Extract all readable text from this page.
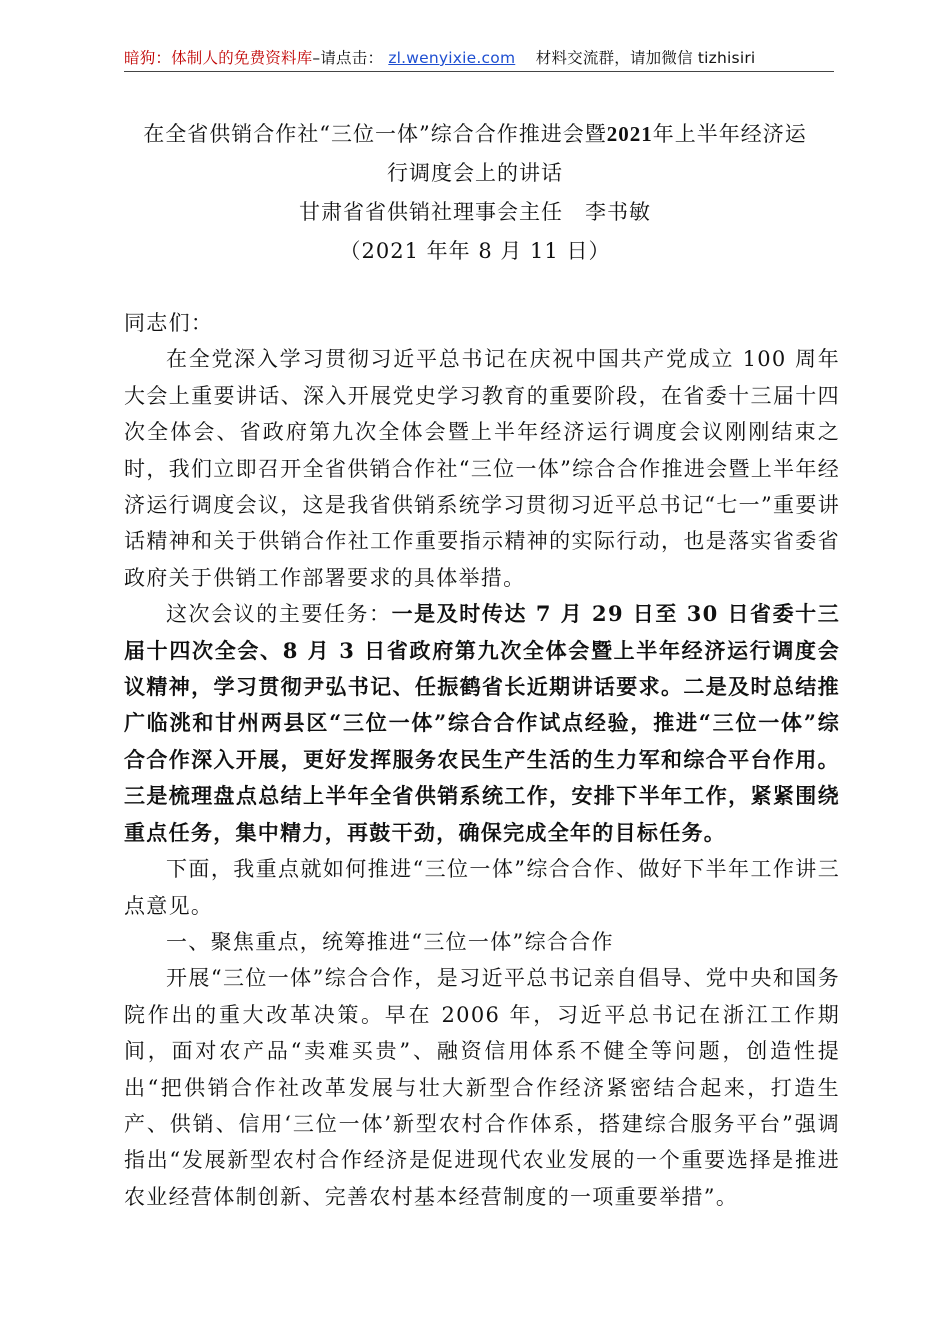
暗狗：体制人的免费资料库–请点击： zl.wenyixie.com 材料交流群，请加微信 tizhisiri
在全省供销合作社“三位一体”综合合作推进会暨2021年上半年经济运
行调度会上的讲话
甘肃省省供销社理事会主任　李书敏
（2021 年年 8 月 11 日）

同志们：

在全党深入学习贯彻习近平总书记在庆祝中国共产党成立 100 周年大会上重要讲话、深入开展党史学习教育的重要阶段，在省委十三届十四次全体会、省政府第九次全体会暨上半年经济运行调度会议刚刚结束之时，我们立即召开全省供销合作社“三位一体”综合合作推进会暨上半年经济运行调度会议，这是我省供销系统学习贯彻习近平总书记“七一”重要讲话精神和关于供销合作社工作重要指示精神的实际行动，也是落实省委省政府关于供销工作部署要求的具体举措。

这次会议的主要任务：一是及时传达 7 月 29 日至 30 日省委十三届十四次全会、8 月 3 日省政府第九次全体会暨上半年经济运行调度会议精神，学习贯彻尹弘书记、任振鹤省长近期讲话要求。二是及时总结推广临洮和甘州两县区“三位一体”综合合作试点经验，推进“三位一体”综合合作深入开展，更好发挥服务农民生产生活的生力军和综合平台作用。三是梳理盘点总结上半年全省供销系统工作，安排下半年工作，紧紧围绕重点任务，集中精力，再鼓干劲，确保完成全年的目标任务。

下面，我重点就如何推进“三位一体”综合合作、做好下半年工作讲三点意见。

一、聚焦重点，统筹推进“三位一体”综合合作

开展“三位一体”综合合作，是习近平总书记亲自倡导、党中央和国务院作出的重大改革决策。早在 2006 年，习近平总书记在浙江工作期间，面对农产品“卖难买贵”、融资信用体系不健全等问题，创造性提出“把供销合作社改革发展与壮大新型合作经济紧密结合起来，打造生产、供销、信用‘三位一体’新型农村合作体系，搭建综合服务平台”强调指出“发展新型农村合作经济是促进现代农业发展的一个重要选择是推进农业经营体制创新、完善农村基本经营制度的一项重要举措”。
